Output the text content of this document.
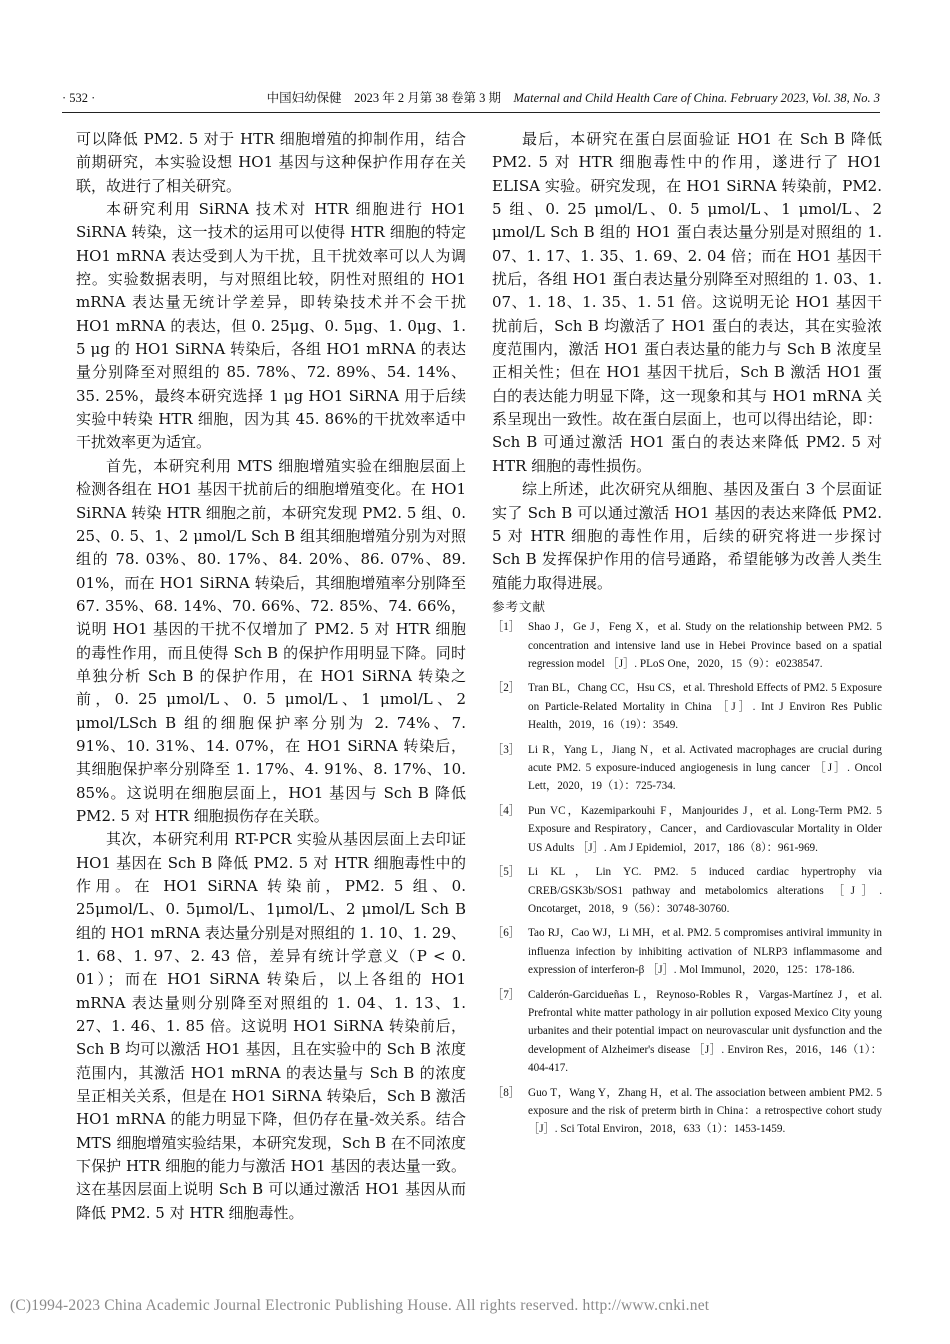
· 532 ·	中国妇幼保健　2023 年 2 月第 38 卷第 3 期　Maternal and Child Health Care of China. February 2023, Vol. 38, No. 3

可以降低 PM2. 5 对于 HTR 细胞增殖的抑制作用，结合前期研究，本实验设想 HO1 基因与这种保护作用存在关联，故进行了相关研究。

本研究利用 SiRNA 技术对 HTR 细胞进行 HO1 SiRNA 转染，这一技术的运用可以使得 HTR 细胞的特定 HO1 mRNA 表达受到人为干扰，且干扰效率可以人为调控。实验数据表明，与对照组比较，阴性对照组的 HO1 mRNA 表达量无统计学差异，即转染技术并不会干扰 HO1 mRNA 的表达，但 0. 25μg、0. 5μg、1. 0μg、1. 5 μg 的 HO1 SiRNA 转染后，各组 HO1 mRNA 的表达量分别降至对照组的 85. 78%、72. 89%、54. 14%、35. 25%，最终本研究选择 1 μg HO1 SiRNA 用于后续实验中转染 HTR 细胞，因为其 45. 86%的干扰效率适中干扰效率更为适宜。

首先，本研究利用 MTS 细胞增殖实验在细胞层面上检测各组在 HO1 基因干扰前后的细胞增殖变化。在 HO1 SiRNA 转染 HTR 细胞之前，本研究发现 PM2. 5 组、0. 25、0. 5、1、2 μmol/L Sch B 组其细胞增殖分别为对照组的 78. 03%、80. 17%、84. 20%、86. 07%、89. 01%，而在 HO1 SiRNA 转染后，其细胞增殖率分别降至 67. 35%、68. 14%、70. 66%、72. 85%、74. 66%，说明 HO1 基因的干扰不仅增加了 PM2. 5 对 HTR 细胞的毒性作用，而且使得 Sch B 的保护作用明显下降。同时单独分析 Sch B 的保护作用，在 HO1 SiRNA 转染之前，0. 25 μmol/L、0. 5 μmol/L、1 μmol/L、2 μmol/LSch B 组的细胞保护率分别为 2. 74%、7. 91%、10. 31%、14. 07%，在 HO1 SiRNA 转染后，其细胞保护率分别降至 1. 17%、4. 91%、8. 17%、10. 85%。这说明在细胞层面上，HO1 基因与 Sch B 降低 PM2. 5 对 HTR 细胞损伤存在关联。

其次，本研究利用 RT-PCR 实验从基因层面上去印证 HO1 基因在 Sch B 降低 PM2. 5 对 HTR 细胞毒性中的作用。在 HO1 SiRNA 转染前，PM2. 5 组、0. 25μmol/L、0. 5μmol/L、1μmol/L、2 μmol/L Sch B 组的 HO1 mRNA 表达量分别是对照组的 1. 10、1. 29、1. 68、1. 97、2. 43 倍，差异有统计学意义（P < 0. 01）；而在 HO1 SiRNA 转染后，以上各组的 HO1 mRNA 表达量则分别降至对照组的 1. 04、1. 13、1. 27、1. 46、1. 85 倍。这说明 HO1 SiRNA 转染前后，Sch B 均可以激活 HO1 基因，且在实验中的 Sch B 浓度范围内，其激活 HO1 mRNA 的表达量与 Sch B 的浓度呈正相关关系，但是在 HO1 SiRNA 转染后，Sch B 激活 HO1 mRNA 的能力明显下降，但仍存在量-效关系。结合 MTS 细胞增殖实验结果，本研究发现，Sch B 在不同浓度下保护 HTR 细胞的能力与激活 HO1 基因的表达量一致。这在基因层面上说明 Sch B 可以通过激活 HO1 基因从而降低 PM2. 5 对 HTR 细胞毒性。

最后，本研究在蛋白层面验证 HO1 在 Sch B 降低 PM2. 5 对 HTR 细胞毒性中的作用，遂进行了 HO1 ELISA 实验。研究发现，在 HO1 SiRNA 转染前，PM2. 5 组、0. 25 μmol/L、0. 5 μmol/L、1 μmol/L、2 μmol/L Sch B 组的 HO1 蛋白表达量分别是对照组的 1. 07、1. 17、1. 35、1. 69、2. 04 倍；而在 HO1 基因干扰后，各组 HO1 蛋白表达量分别降至对照组的 1. 03、1. 07、1. 18、1. 35、1. 51 倍。这说明无论 HO1 基因干扰前后，Sch B 均激活了 HO1 蛋白的表达，其在实验浓度范围内，激活 HO1 蛋白表达量的能力与 Sch B 浓度呈正相关性；但在 HO1 基因干扰后，Sch B 激活 HO1 蛋白的表达能力明显下降，这一现象和其与 HO1 mRNA 关系呈现出一致性。故在蛋白层面上，也可以得出结论，即：Sch B 可通过激活 HO1 蛋白的表达来降低 PM2. 5 对 HTR 细胞的毒性损伤。

综上所述，此次研究从细胞、基因及蛋白 3 个层面证实了 Sch B 可以通过激活 HO1 基因的表达来降低 PM2. 5 对 HTR 细胞的毒性作用，后续的研究将进一步探讨 Sch B 发挥保护作用的信号通路，希望能够为改善人类生殖能力取得进展。

参考文献

［1］ Shao J，Ge J，Feng X，et al. Study on the relationship between PM2. 5 concentration and intensive land use in Hebei Province based on a spatial regression model ［J］. PLoS One，2020，15（9）：e0238547.
［2］ Tran BL，Chang CC，Hsu CS，et al. Threshold Effects of PM2. 5 Exposure on Particle-Related Mortality in China ［J］. Int J Environ Res Public Health，2019，16（19）：3549.
［3］ Li R，Yang L，Jiang N，et al. Activated macrophages are crucial during acute PM2. 5 exposure-induced angiogenesis in lung cancer ［J］. Oncol Lett，2020，19（1）：725-734.
［4］ Pun VC，Kazemiparkouhi F，Manjourides J，et al. Long-Term PM2. 5 Exposure and Respiratory，Cancer，and Cardiovascular Mortality in Older US Adults ［J］. Am J Epidemiol，2017，186（8）：961-969.
［5］ Li KL，Lin YC. PM2. 5 induced cardiac hypertrophy via CREB/GSK3b/SOS1 pathway and metabolomics alterations ［J］. Oncotarget，2018，9（56）：30748-30760.
［6］ Tao RJ，Cao WJ，Li MH，et al. PM2. 5 compromises antiviral immunity in influenza infection by inhibiting activation of NLRP3 inflammasome and expression of interferon-β ［J］. Mol Immunol，2020，125：178-186.
［7］ Calderón-Garcidueñas L，Reynoso-Robles R，Vargas-Martínez J，et al. Prefrontal white matter pathology in air pollution exposed Mexico City young urbanites and their potential impact on neurovascular unit dysfunction and the development of Alzheimer's disease ［J］. Environ Res，2016，146（1）：404-417.
［8］ Guo T，Wang Y，Zhang H，et al. The association between ambient PM2. 5 exposure and the risk of preterm birth in China：a retrospective cohort study ［J］. Sci Total Environ，2018，633（1）：1453-1459.
(C)1994-2023 China Academic Journal Electronic Publishing House. All rights reserved. http://www.cnki.net
